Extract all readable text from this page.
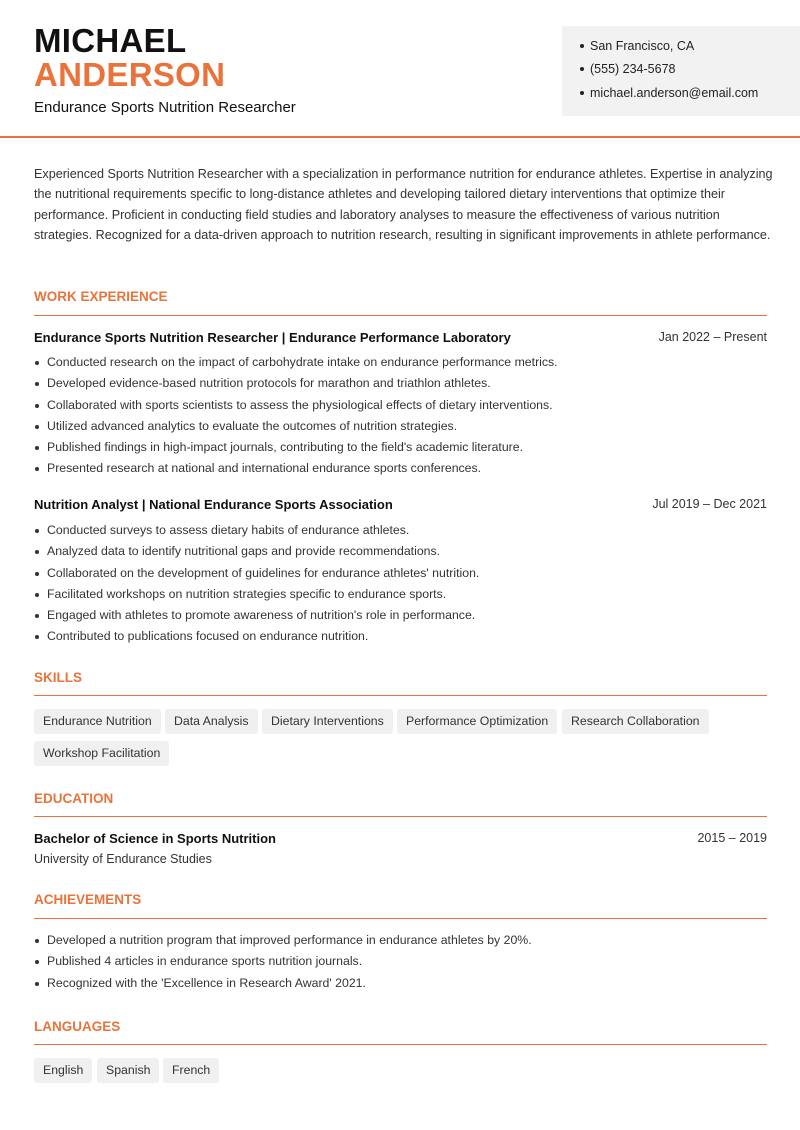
MICHAEL
ANDERSON
Endurance Sports Nutrition Researcher
San Francisco, CA
(555) 234-5678
michael.anderson@email.com

Experienced Sports Nutrition Researcher with a specialization in performance nutrition for endurance athletes. Expertise in analyzing the nutritional requirements specific to long-distance athletes and developing tailored dietary interventions that optimize their performance. Proficient in conducting field studies and laboratory analyses to measure the effectiveness of various nutrition strategies. Recognized for a data-driven approach to nutrition research, resulting in significant improvements in athlete performance.

WORK EXPERIENCE
Endurance Sports Nutrition Researcher | Endurance Performance Laboratory	Jan 2022 – Present
Conducted research on the impact of carbohydrate intake on endurance performance metrics.
Developed evidence-based nutrition protocols for marathon and triathlon athletes.
Collaborated with sports scientists to assess the physiological effects of dietary interventions.
Utilized advanced analytics to evaluate the outcomes of nutrition strategies.
Published findings in high-impact journals, contributing to the field's academic literature.
Presented research at national and international endurance sports conferences.
Nutrition Analyst | National Endurance Sports Association	Jul 2019 – Dec 2021
Conducted surveys to assess dietary habits of endurance athletes.
Analyzed data to identify nutritional gaps and provide recommendations.
Collaborated on the development of guidelines for endurance athletes' nutrition.
Facilitated workshops on nutrition strategies specific to endurance sports.
Engaged with athletes to promote awareness of nutrition's role in performance.
Contributed to publications focused on endurance nutrition.
SKILLS
Endurance Nutrition	Data Analysis	Dietary Interventions	Performance Optimization	Research Collaboration
Workshop Facilitation
EDUCATION
Bachelor of Science in Sports Nutrition	2015 – 2019
University of Endurance Studies
ACHIEVEMENTS
Developed a nutrition program that improved performance in endurance athletes by 20%.
Published 4 articles in endurance sports nutrition journals.
Recognized with the 'Excellence in Research Award' 2021.
LANGUAGES
English	Spanish	French
